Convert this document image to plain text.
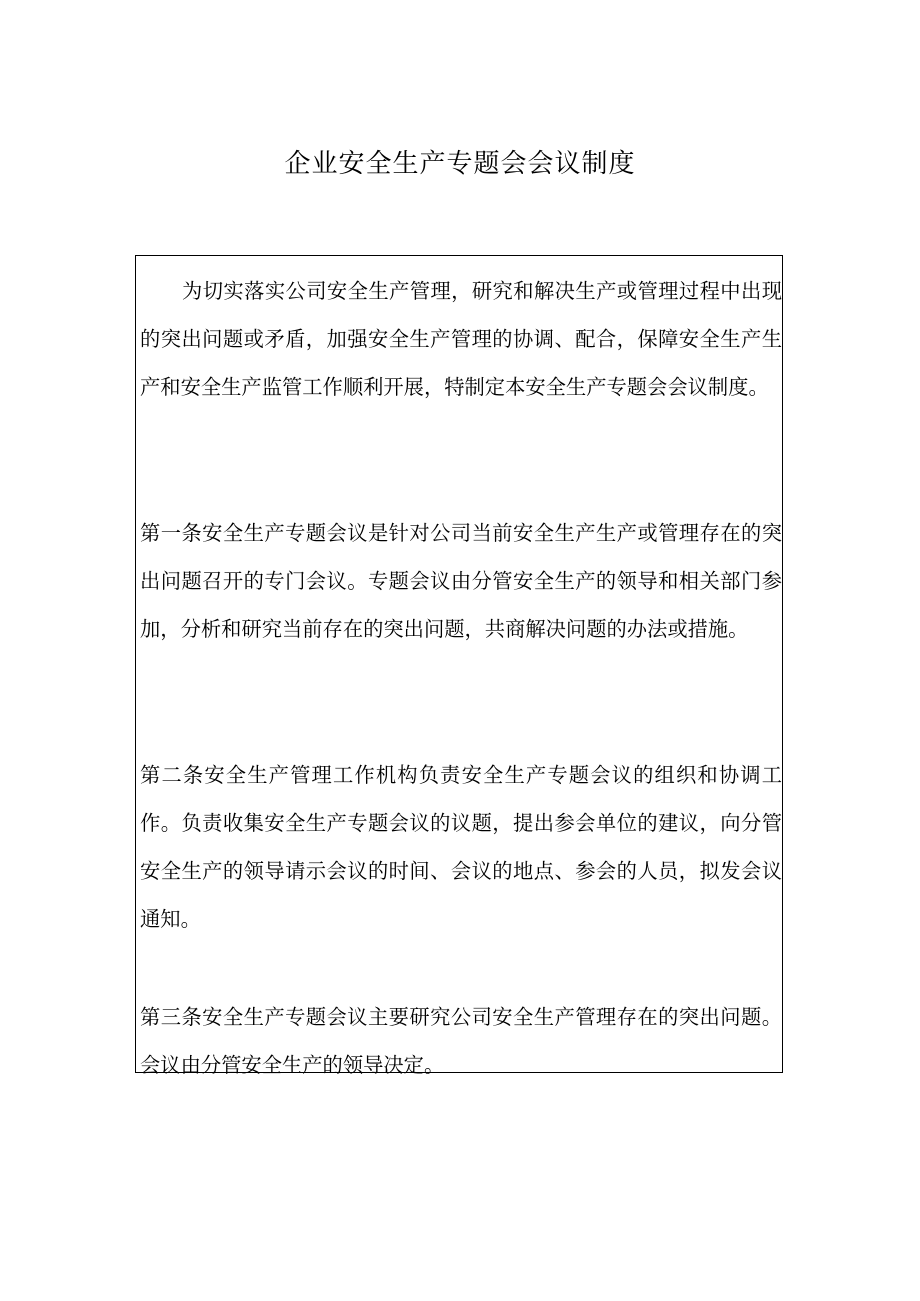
企业安全生产专题会会议制度

为切实落实公司安全生产管理，研究和解决生产或管理过程中出现的突出问题或矛盾，加强安全生产管理的协调、配合，保障安全生产生产和安全生产监管工作顺利开展，特制定本安全生产专题会会议制度。

第一条安全生产专题会议是针对公司当前安全生产生产或管理存在的突出问题召开的专门会议。专题会议由分管安全生产的领导和相关部门参加，分析和研究当前存在的突出问题，共商解决问题的办法或措施。

第二条安全生产管理工作机构负责安全生产专题会议的组织和协调工作。负责收集安全生产专题会议的议题，提出参会单位的建议，向分管安全生产的领导请示会议的时间、会议的地点、参会的人员，拟发会议通知。

第三条安全生产专题会议主要研究公司安全生产管理存在的突出问题。会议由分管安全生产的领导决定。
